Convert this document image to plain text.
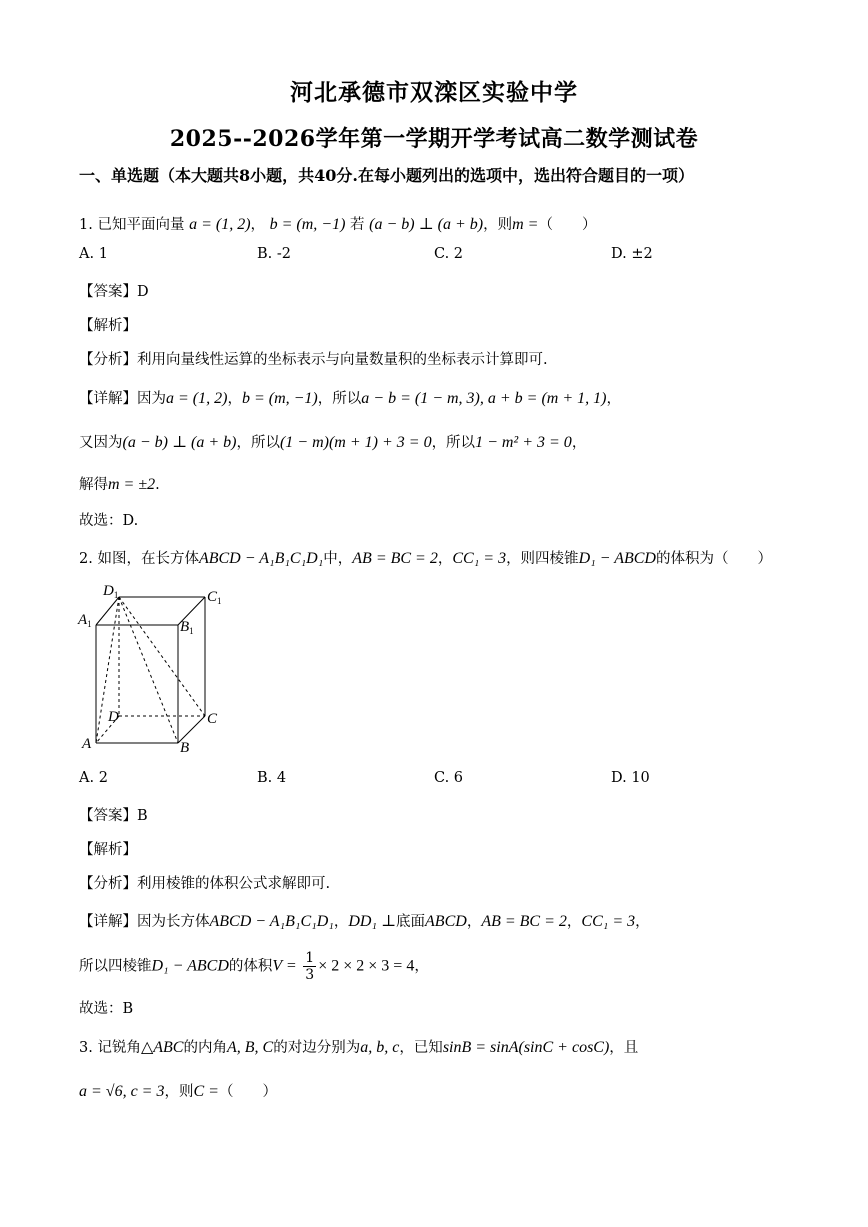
河北承德市双滦区实验中学
2025--2026学年第一学期开学考试高二数学测试卷
一、单选题（本大题共8小题，共40分.在每小题列出的选项中，选出符合题目的一项）
1. 已知平面向量 a = (1, 2)， b = (m, −1) 若 (a − b) ⊥ (a + b)，则m =（　　）
A. 1	B. -2	C. 2	D. ±2
【答案】D
【解析】
【分析】利用向量线性运算的坐标表示与向量数量积的坐标表示计算即可.
【详解】因为a = (1, 2)，b = (m, −1)，所以a − b = (1 − m, 3), a + b = (m + 1, 1)，
又因为(a − b) ⊥ (a + b)，所以(1 − m)(m + 1) + 3 = 0，所以1 − m² + 3 = 0，
解得m = ±2.
故选：D.
2. 如图，在长方体ABCD − A₁B₁C₁D₁中，AB = BC = 2，CC₁ = 3，则四棱锥D₁ − ABCD的体积为（　　）
$D_1$	$C_1$
$A_1$	$B_1$
D	C
A	B
A. 2	B. 4	C. 6	D. 10
【答案】B
【解析】
【分析】利用棱锥的体积公式求解即可.
【详解】因为长方体ABCD − A₁B₁C₁D₁，DD₁ ⊥底面ABCD，AB = BC = 2，CC₁ = 3，
所以四棱锥D₁ − ABCD的体积$V = \frac{1}{3} \times 2 \times 2 \times 3 = 4$，
故选：B
3. 记锐角△ABC的内角A, B, C的对边分别为a, b, c，已知sinB = sinA(sinC + cosC)，且
a = √6, c = 3，则C =（　　）
